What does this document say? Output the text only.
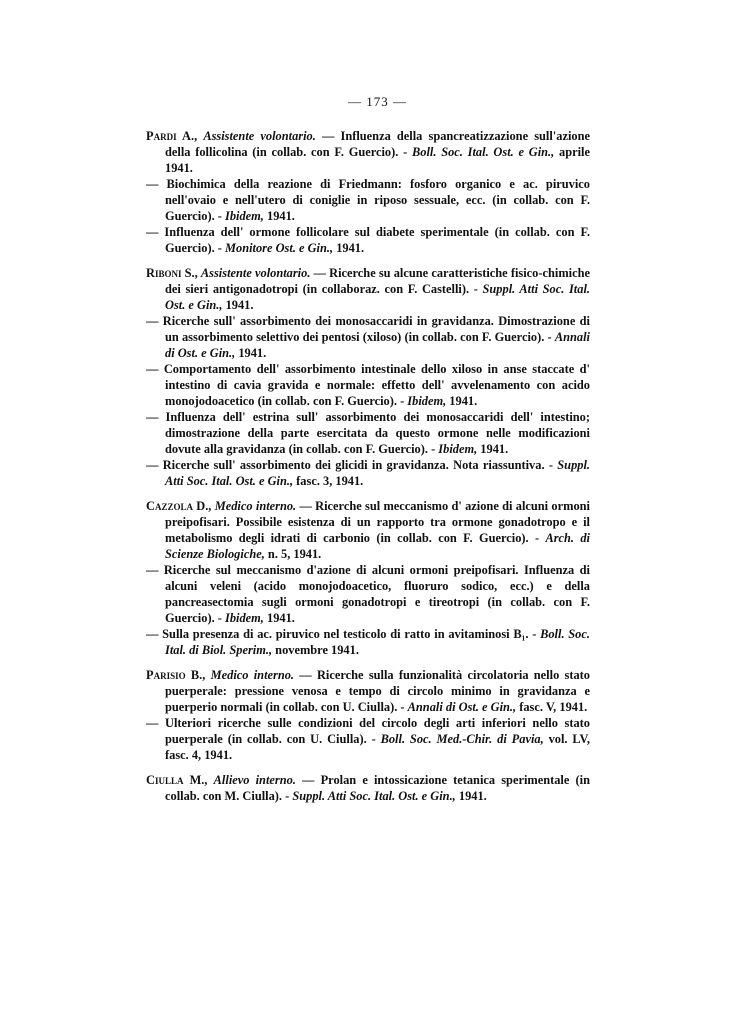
— 173 —
Pardi A., Assistente volontario. — Influenza della spancreatizzazione sull'azione della follicolina (in collab. con F. Guercio). - Boll. Soc. Ital. Ost. e Gin., aprile 1941.
— Biochimica della reazione di Friedmann: fosforo organico e ac. piruvico nell'ovaio e nell'utero di coniglie in riposo sessuale, ecc. (in collab. con F. Guercio). - Ibidem, 1941.
— Influenza dell' ormone follicolare sul diabete sperimentale (in collab. con F. Guercio). - Monitore Ost. e Gin., 1941.
Riboni S., Assistente volontario. — Ricerche su alcune caratteristiche fisico-chimiche dei sieri antigonadotropi (in collaboraz. con F. Castelli). - Suppl. Atti Soc. Ital. Ost. e Gin., 1941.
— Ricerche sull' assorbimento dei monosaccaridi in gravidanza. Dimostrazione di un assorbimento selettivo dei pentosi (xiloso) (in collab. con F. Guercio). - Annali di Ost. e Gin., 1941.
— Comportamento dell' assorbimento intestinale dello xiloso in anse staccate d' intestino di cavia gravida e normale: effetto dell' avvelenamento con acido monojodoacetico (in collab. con F. Guercio). - Ibidem, 1941.
— Influenza dell' estrina sull' assorbimento dei monosaccaridi dell' intestino; dimostrazione della parte esercitata da questo ormone nelle modificazioni dovute alla gravidanza (in collab. con F. Guercio). - Ibidem, 1941.
— Ricerche sull' assorbimento dei glicidi in gravidanza. Nota riassuntiva. - Suppl. Atti Soc. Ital. Ost. e Gin., fasc. 3, 1941.
Cazzola D., Medico interno. — Ricerche sul meccanismo d' azione di alcuni ormoni preipofisari. Possibile esistenza di un rapporto tra ormone gonadotropo e il metabolismo degli idrati di carbonio (in collab. con F. Guercio). - Arch. di Scienze Biologiche, n. 5, 1941.
— Ricerche sul meccanismo d'azione di alcuni ormoni preipofisari. Influenza di alcuni veleni (acido monojodoacetico, fluoruro sodico, ecc.) e della pancreasectomia sugli ormoni gonadotropi e tireotropi (in collab. con F. Guercio). - Ibidem, 1941.
— Sulla presenza di ac. piruvico nel testicolo di ratto in avitaminosi B₁. - Boll. Soc. Ital. di Biol. Sperim., novembre 1941.
Parisio B., Medico interno. — Ricerche sulla funzionalità circolatoria nello stato puerperale: pressione venosa e tempo di circolo minimo in gravidanza e puerperio normali (in collab. con U. Ciulla). - Annali di Ost. e Gin., fasc. V, 1941.
— Ulteriori ricerche sulle condizioni del circolo degli arti inferiori nello stato puerperale (in collab. con U. Ciulla). - Boll. Soc. Med.-Chir. di Pavia, vol. LV, fasc. 4, 1941.
Ciulla M., Allievo interno. — Prolan e intossicazione tetanica sperimentale (in collab. con M. Ciulla). - Suppl. Atti Soc. Ital. Ost. e Gin., 1941.
